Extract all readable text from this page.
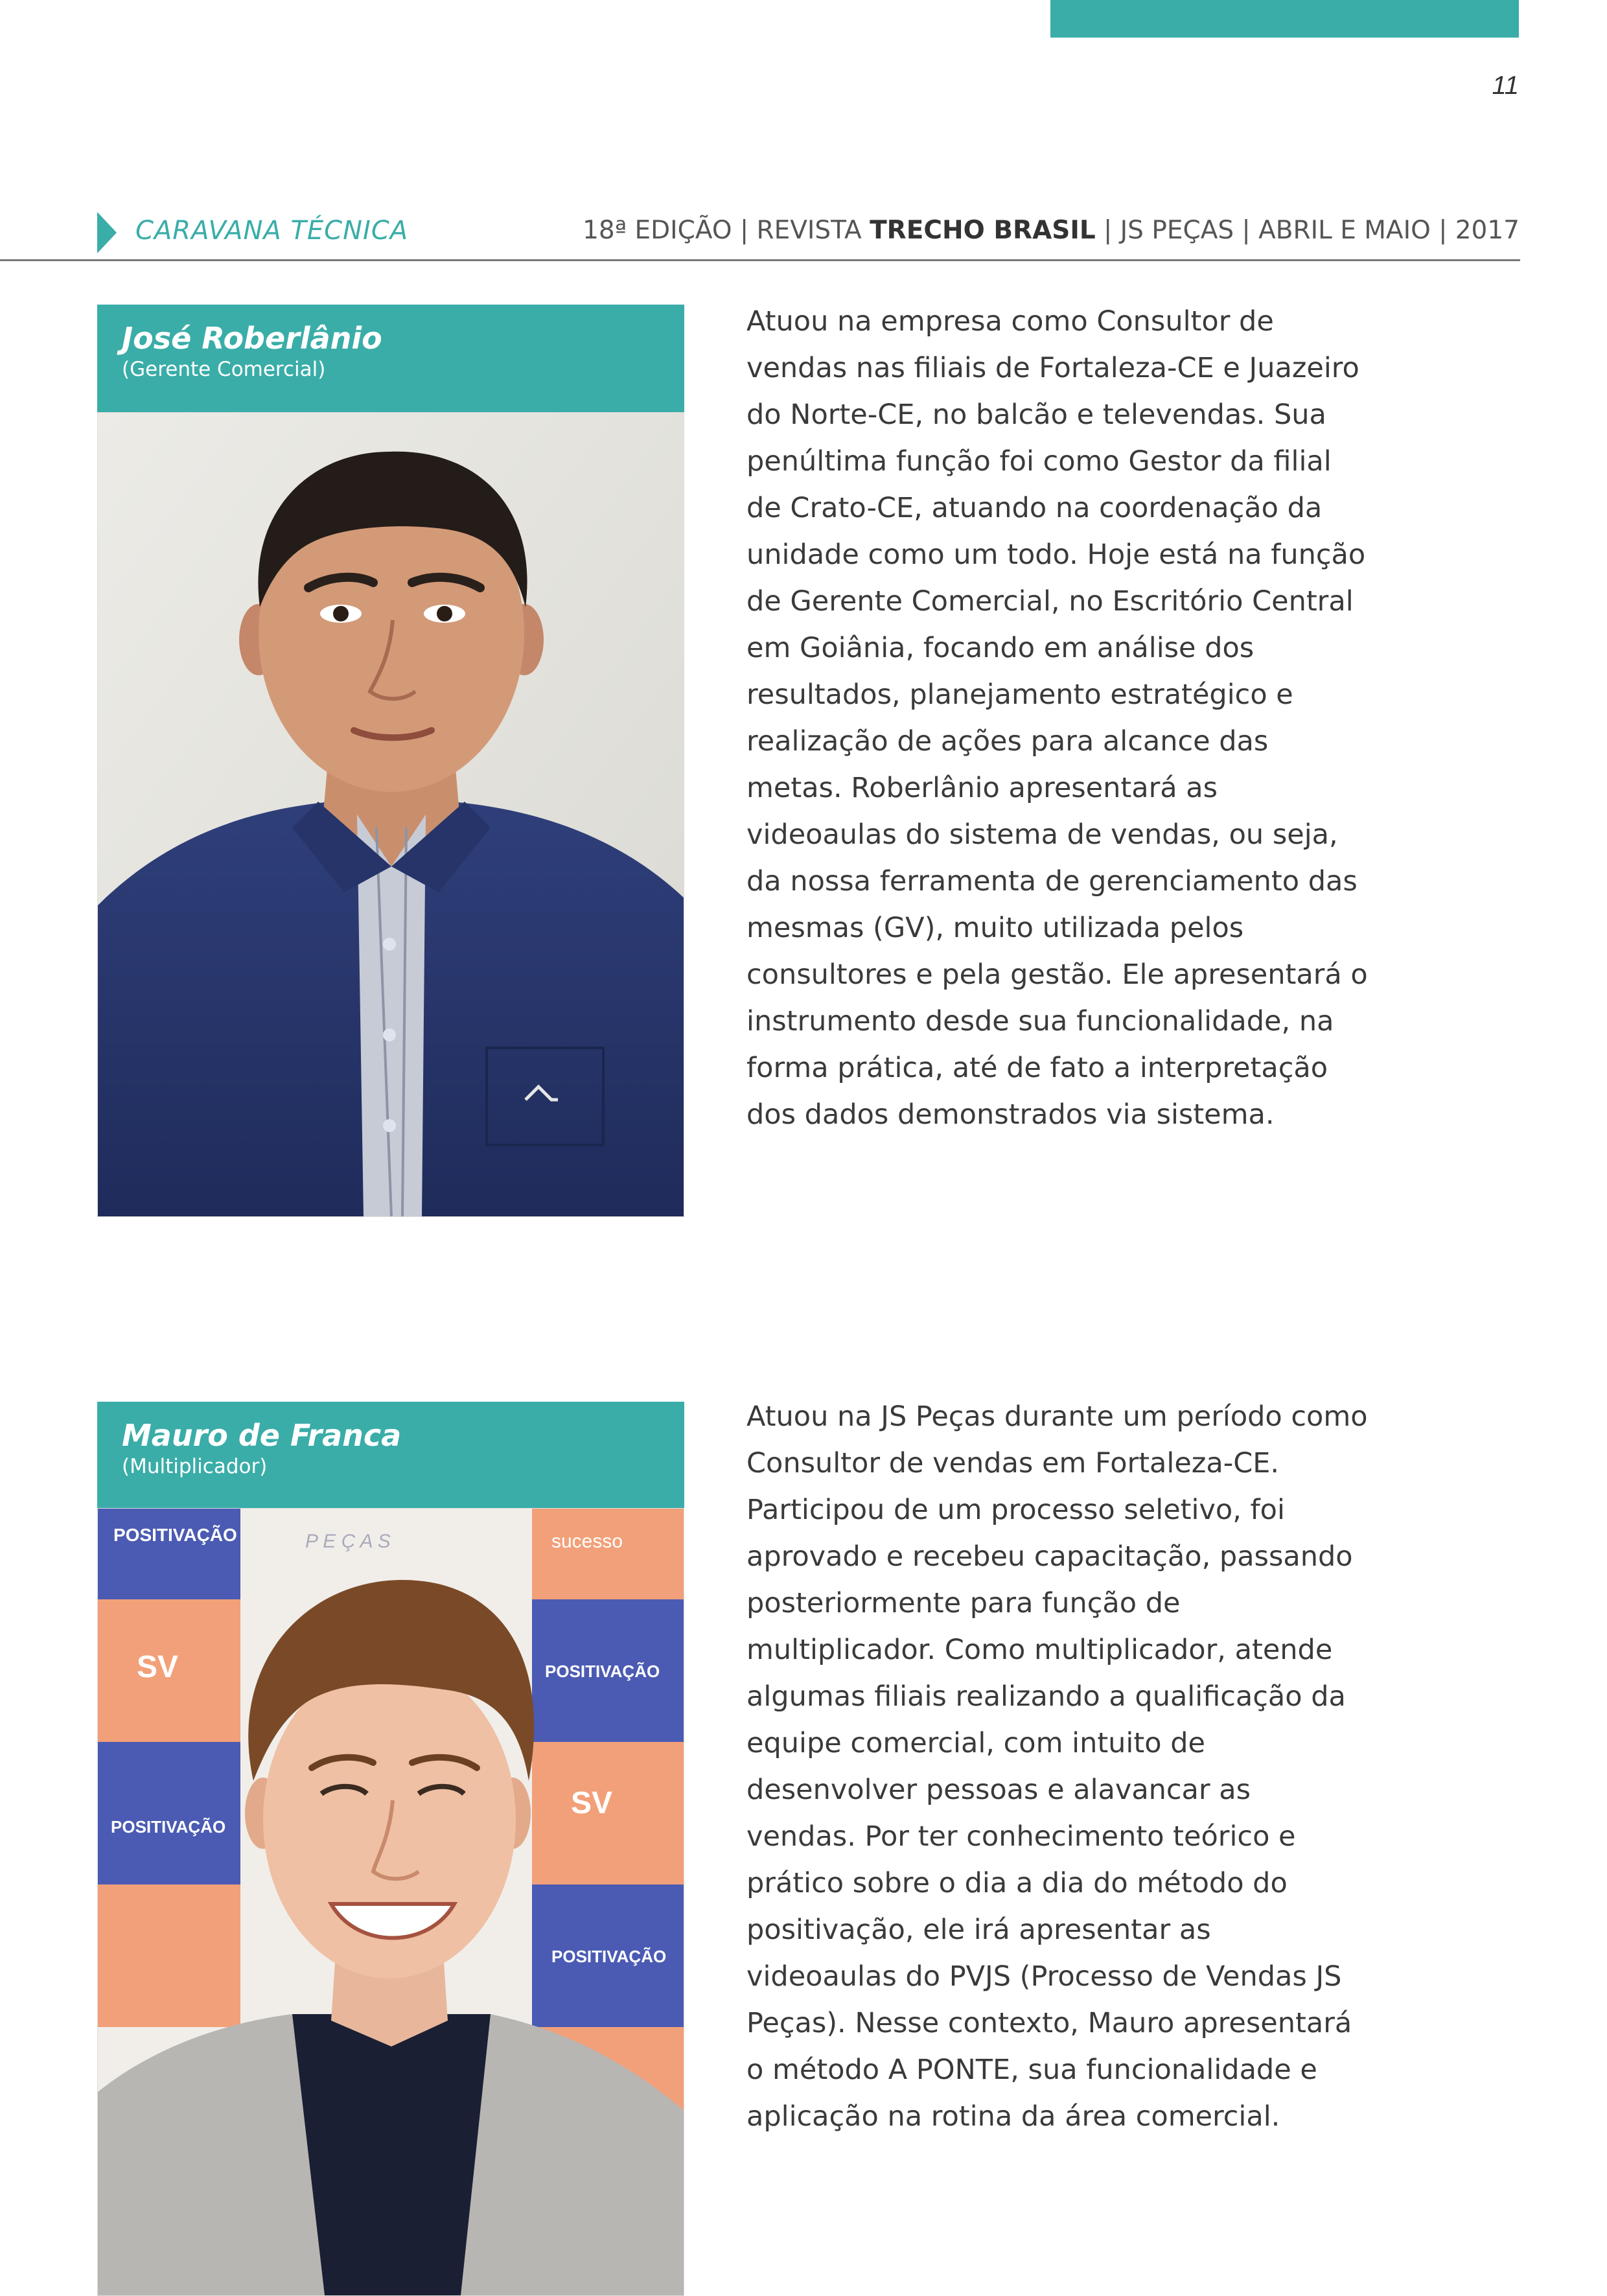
11
CARAVANA TÉCNICA	18ª EDIÇÃO | REVISTA TRECHO BRASIL | JS PEÇAS | ABRIL E MAIO | 2017
José Roberlânio
(Gerente Comercial)

Atuou na empresa como Consultor de vendas nas filiais de Fortaleza-CE e Juazeiro do Norte-CE, no balcão e televendas. Sua penúltima função foi como Gestor da filial de Crato-CE, atuando na coordenação da unidade como um todo. Hoje está na função de Gerente Comercial, no Escritório Central em Goiânia, focando em análise dos resultados, planejamento estratégico e realização de ações para alcance das metas. Roberlânio apresentará as videoaulas do sistema de vendas, ou seja, da nossa ferramenta de gerenciamento das mesmas (GV), muito utilizada pelos consultores e pela gestão. Ele apresentará o instrumento desde sua funcionalidade, na forma prática, até de fato a interpretação dos dados demonstrados via sistema.

Mauro de Franca
(Multiplicador)
POSITIVAÇÃO	P E Ç A S	sucesso
POSITIVAÇÃO
SV
SV
POSITIVAÇÃO
POSITIVAÇÃO

Atuou na JS Peças durante um período como Consultor de vendas em Fortaleza-CE. Participou de um processo seletivo, foi aprovado e recebeu capacitação, passando posteriormente para função de multiplicador. Como multiplicador, atende algumas filiais realizando a qualificação da equipe comercial, com intuito de desenvolver pessoas e alavancar as vendas. Por ter conhecimento teórico e prático sobre o dia a dia do método do positivação, ele irá apresentar as videoaulas do PVJS (Processo de Vendas JS Peças). Nesse contexto, Mauro apresentará o método A PONTE, sua funcionalidade e aplicação na rotina da área comercial.
